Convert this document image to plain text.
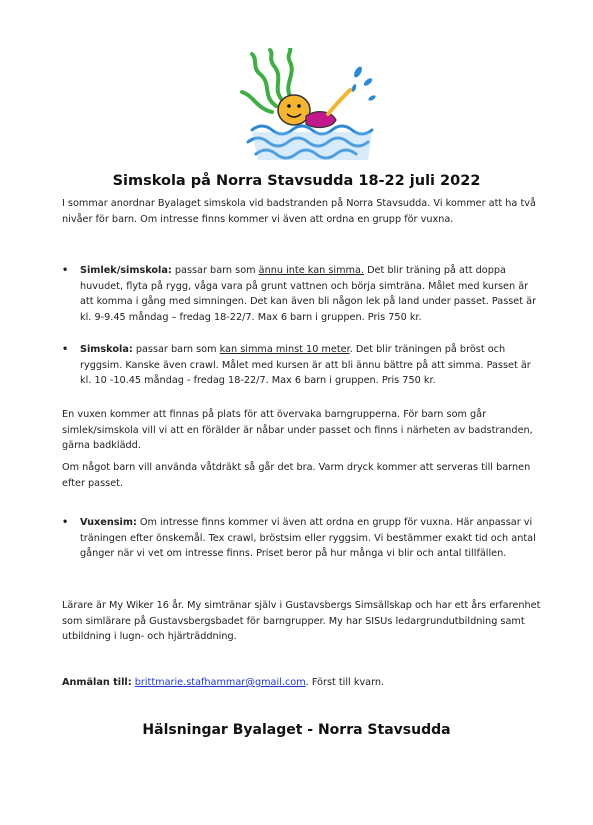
Simskola på Norra Stavsudda 18-22 juli 2022
I sommar anordnar Byalaget simskola vid badstranden på Norra Stavsudda. Vi kommer att ha två nivåer för barn. Om intresse finns kommer vi även att ordna en grupp för vuxna.
•	Simlek/simskola: passar barn som ännu inte kan simma. Det blir träning på att doppa huvudet, flyta på rygg, våga vara på grunt vattnen och börja simträna. Målet med kursen är att komma i gång med simningen. Det kan även bli någon lek på land under passet. Passet är kl. 9-9.45 måndag – fredag 18-22/7. Max 6 barn i gruppen. Pris 750 kr.
•	Simskola: passar barn som kan simma minst 10 meter. Det blir träningen på bröst och ryggsim. Kanske även crawl. Målet med kursen är att bli ännu bättre på att simma. Passet är kl. 10 -10.45 måndag - fredag 18-22/7. Max 6 barn i gruppen. Pris 750 kr.
En vuxen kommer att finnas på plats för att övervaka barngrupperna. För barn som går simlek/simskola vill vi att en förälder är nåbar under passet och finns i närheten av badstranden, gärna badklädd.
Om något barn vill använda våtdräkt så går det bra. Varm dryck kommer att serveras till barnen efter passet.
•	Vuxensim: Om intresse finns kommer vi även att ordna en grupp för vuxna. Här anpassar vi träningen efter önskemål. Tex crawl, bröstsim eller ryggsim. Vi bestämmer exakt tid och antal gånger när vi vet om intresse finns. Priset beror på hur många vi blir och antal tillfällen.
Lärare är My Wiker 16 år. My simtränar själv i Gustavsbergs Simsällskap och har ett års erfarenhet som simlärare på Gustavsbergsbadet för barngrupper. My har SISUs ledargrundutbildning samt utbildning i lugn- och hjärträddning.
Anmälan till: brittmarie.stafhammar@gmail.com. Först till kvarn.
Hälsningar Byalaget - Norra Stavsudda
